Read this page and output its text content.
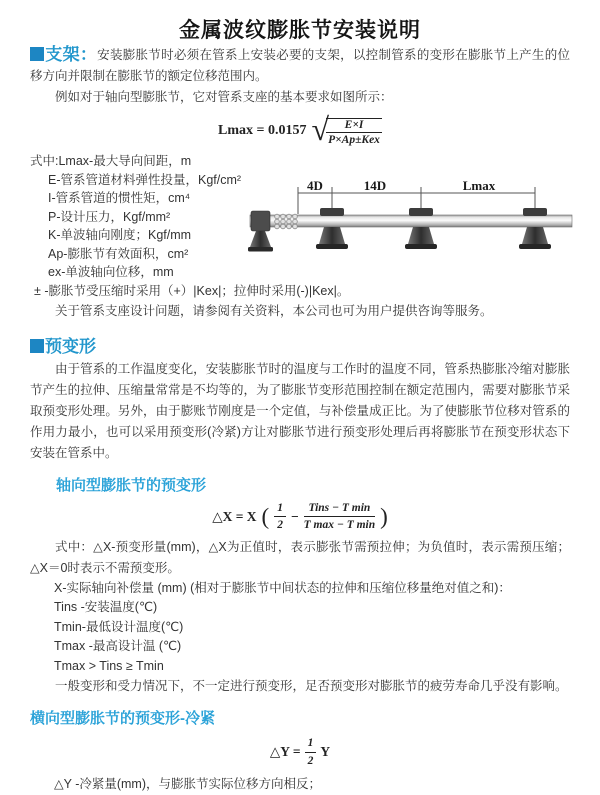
金属波纹膨胀节安装说明

支架：安装膨胀节时必须在管系上安装必要的支架，以控制管系的变形在膨胀节上产生的位移方向并限制在膨胀节的额定位移范围内。

例如对于轴向型膨胀节，它对管系支座的基本要求如图所示：

Lmax = 0.0157 √
$\frac{E\times I}{\text{P×Ap±Kex}}$
式中:Lmax-最大导向间距，m
E-管系管道材料弹性投量，Kgf/cm²
I-管系管道的惯性矩，cm⁴
P-设计压力，Kgf/mm²
K-单波轴向刚度；Kgf/mm
Ap-膨胀节有效面积，cm²
ex-单波轴向位移，mm
± -膨胀节受压缩时采用（+）|Kex|；拉伸时采用(-)|Kex|。

关于管系支座设计问题，请参阅有关资料，本公司也可为用户提供咨询等服务。

4D	14D	Lmax
预变形

由于管系的工作温度变化，安装膨胀节时的温度与工作时的温度不同，管系热膨胀冷缩对膨胀节产生的拉伸、压缩量常常是不均等的，为了膨胀节变形范围控制在额定范围内，需要对膨胀节采取预变形处理。另外，由于膨账节刚度是一个定值，与补偿量成正比。为了使膨胀节位移对管系的作用力最小，也可以采用预变形(冷紧)方让对膨胀节进行预变形处理后再将膨胀节在预变形状态下安装在管系中。

轴向型膨胀节的预变形
△X = X ( $\frac{1}{2} - \frac{\text{Tins − T min}}{\text{T max − T min}}$ )

式中：△X-预变形量(mm)，△X为正值时，表示膨张节需预拉伸；为负值时，表示需预压缩；△X＝0时表示不需预变形。

X-实际轴向补偿量 (mm) (相对于膨胀节中间状态的拉伸和压缩位移量绝对值之和)：
Tins -安装温度(℃)
Tmin-最低设计温度(℃)
Tmax -最高设计温 (℃)
Tmax > Tins ≥ Tmin

一般变形和受力情况下，不一定进行预变形，足否预变形对膨胀节的疲劳寿命几乎没有影响。

横向型膨胀节的预变形-冷紧
△Y = $\frac{1}{2}$ Y

△Y -冷紧量(mm)，与膨胀节实际位移方向相反；
